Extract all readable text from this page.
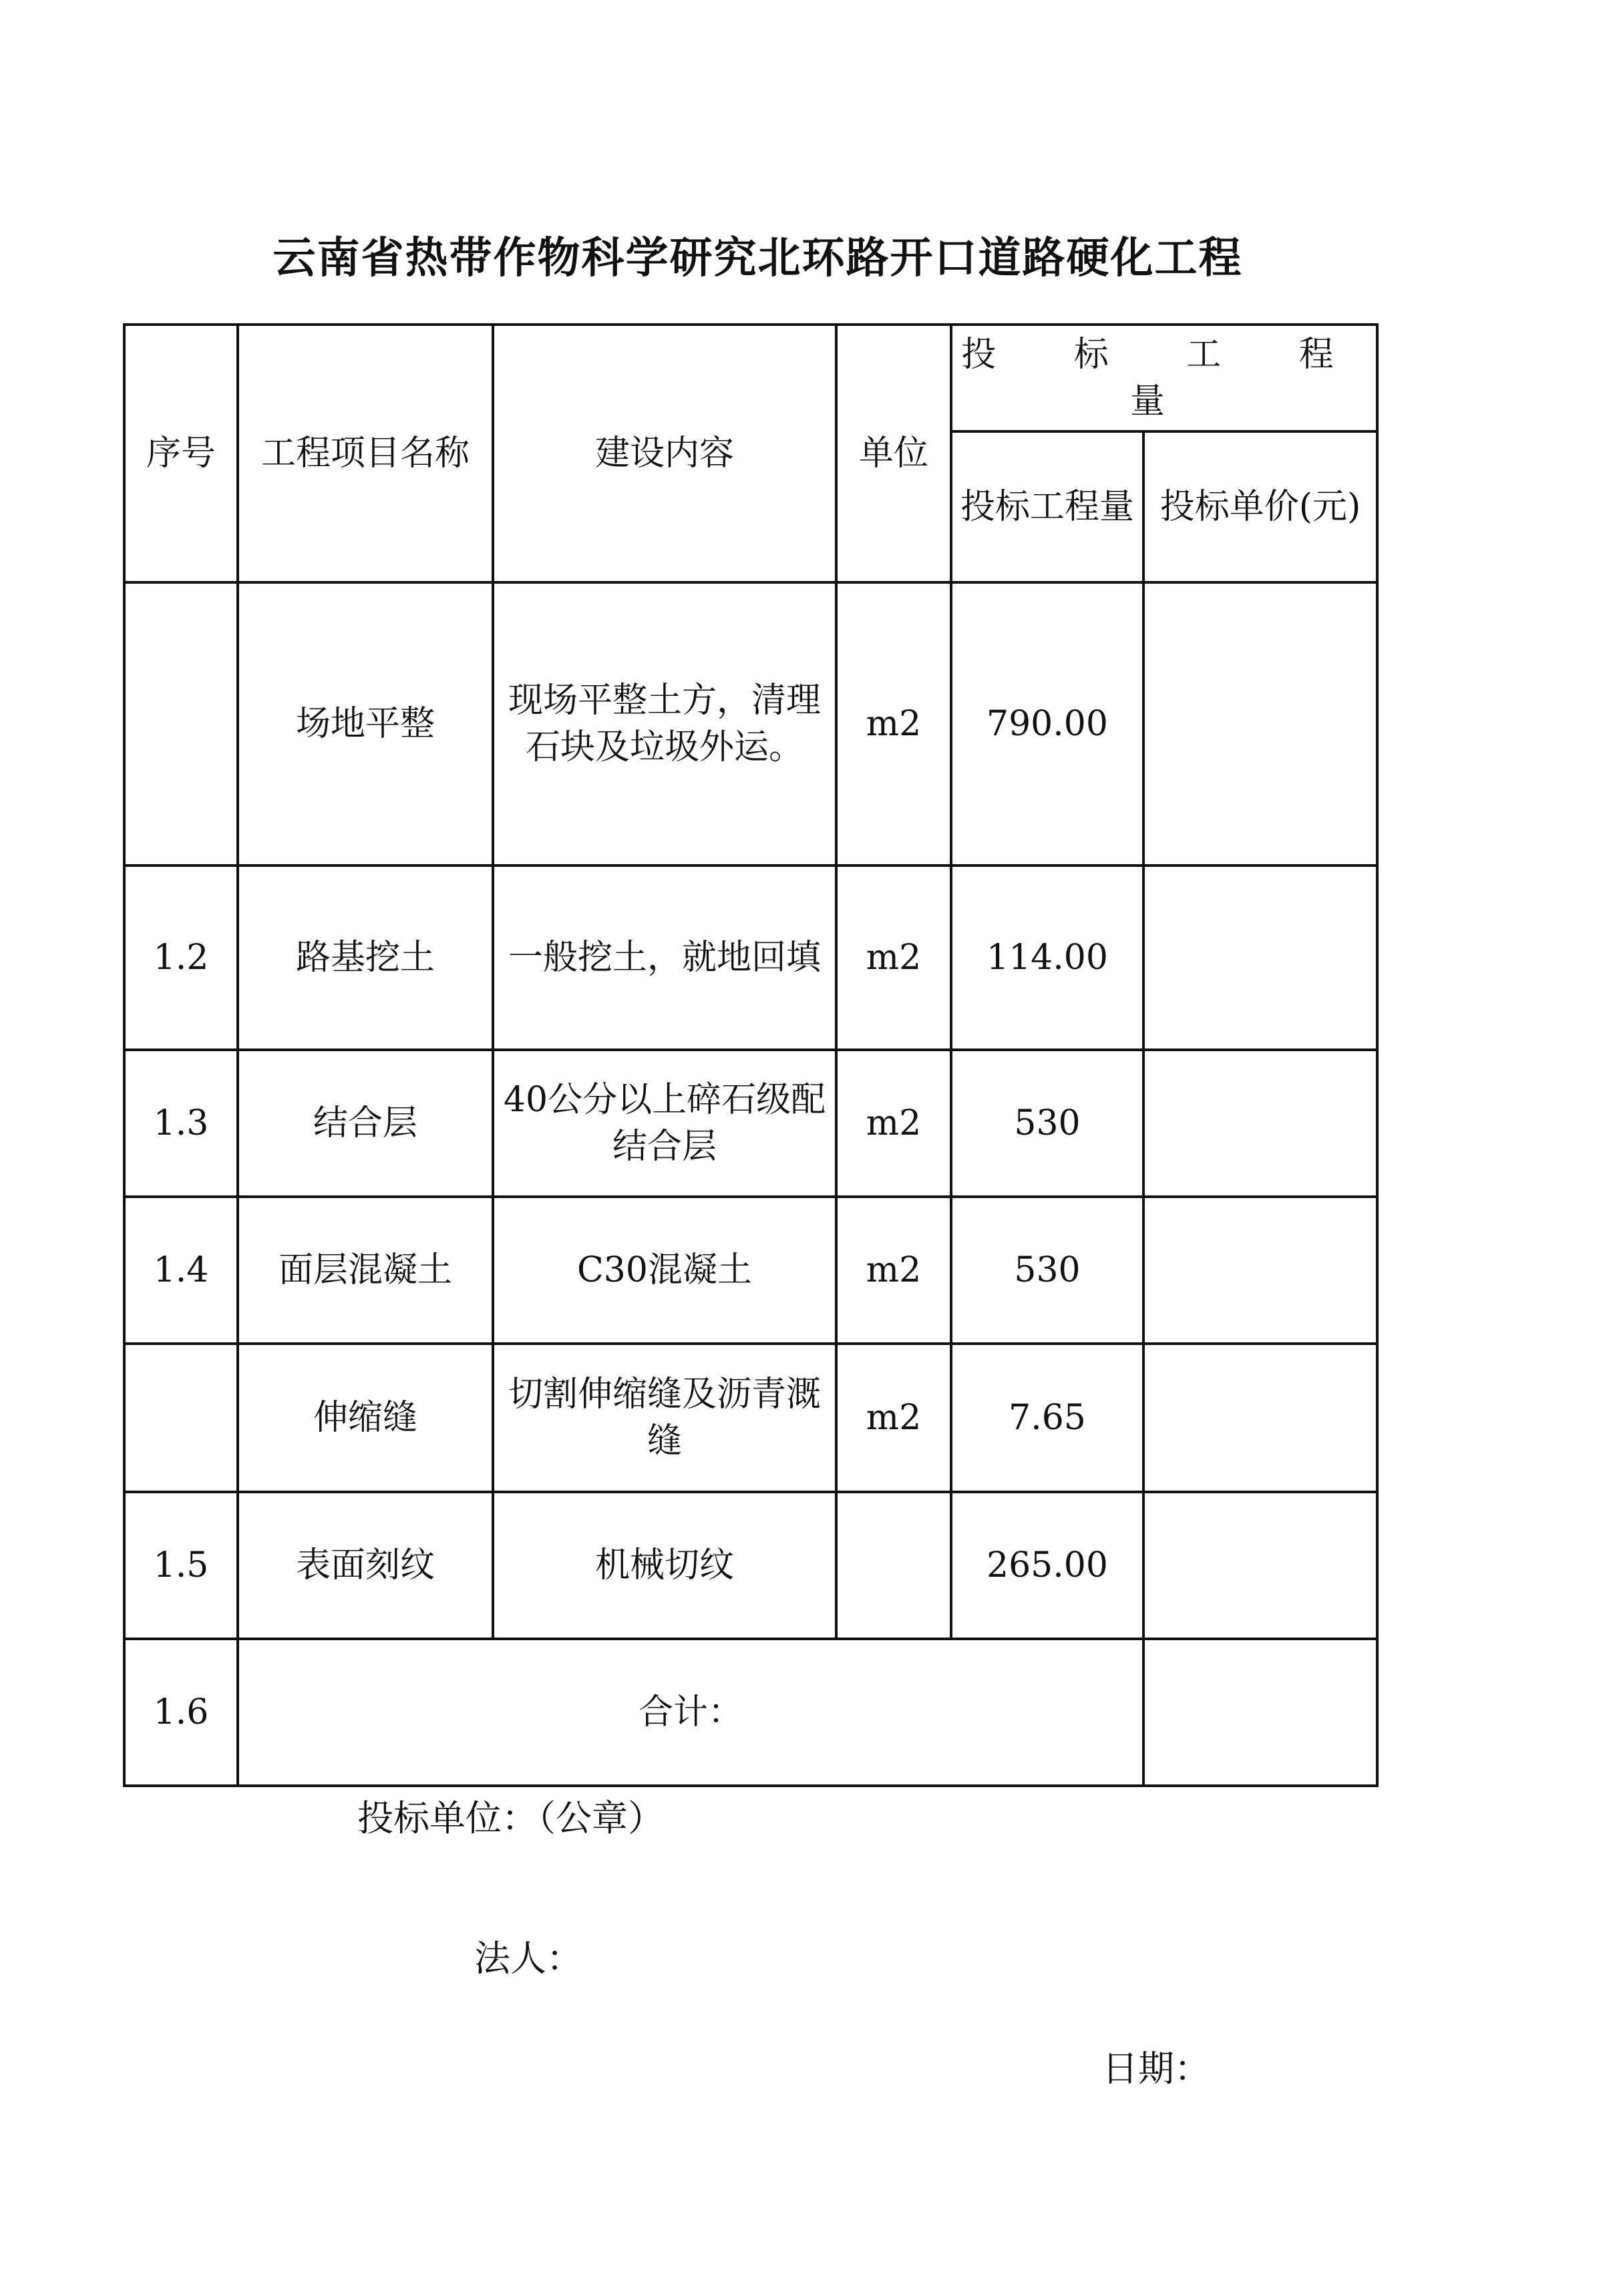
云南省热带作物科学研究北环路开口道路硬化工程
序号	工程项目名称	建设内容	单位	投 标 工 程 量	
				投标工程量	投标单价(元)
	场地平整	现场平整土方，清理石块及垃圾外运。	m2	790.00	
1.2	路基挖土	一般挖土，就地回填	m2	114.00	
1.3	结合层	40公分以上碎石级配结合层	m2	530	
1.4	面层混凝土	C30混凝土	m2	530	
	伸缩缝	切割伸缩缝及沥青溉缝	m2	7.65	
1.5	表面刻纹	机械切纹		265.00	
1.6	合计：				
投标单位：（公章）
法人：
日期：
